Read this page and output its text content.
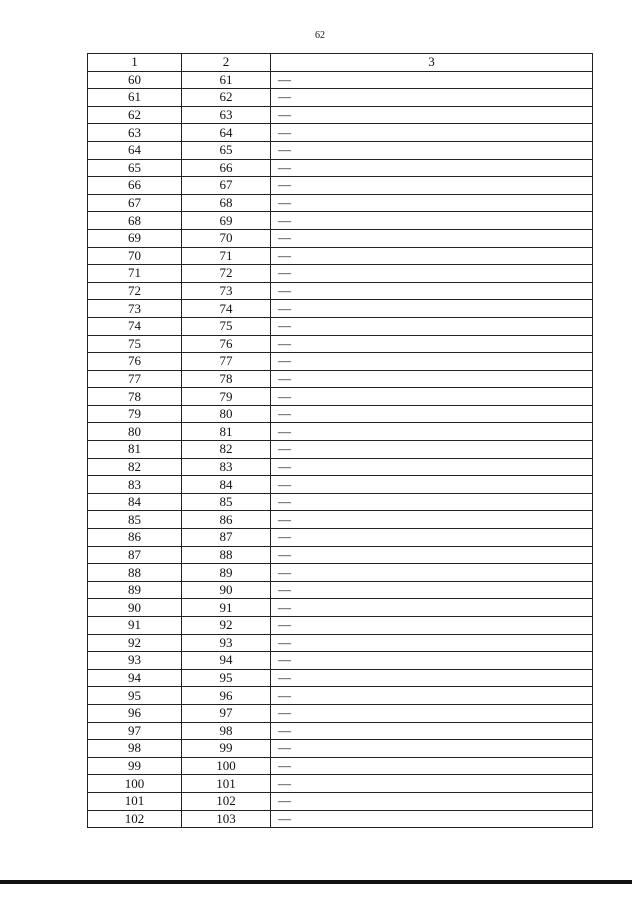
62
1	2	3
60	61	—
61	62	—
62	63	—
63	64	—
64	65	—
65	66	—
66	67	—
67	68	—
68	69	—
69	70	—
70	71	—
71	72	—
72	73	—
73	74	—
74	75	—
75	76	—
76	77	—
77	78	—
78	79	—
79	80	—
80	81	—
81	82	—
82	83	—
83	84	—
84	85	—
85	86	—
86	87	—
87	88	—
88	89	—
89	90	—
90	91	—
91	92	—
92	93	—
93	94	—
94	95	—
95	96	—
96	97	—
97	98	—
98	99	—
99	100	—
100	101	—
101	102	—
102	103	—
